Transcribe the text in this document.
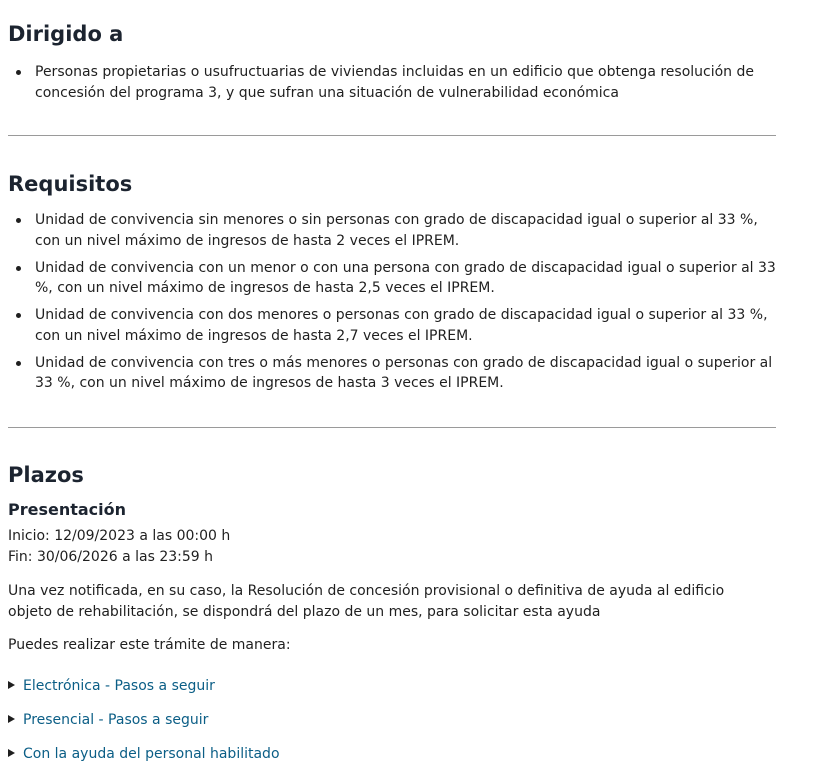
Dirigido a
Personas propietarias o usufructuarias de viviendas incluidas en un edificio que obtenga resolución de concesión del programa 3, y que sufran una situación de vulnerabilidad económica
Requisitos
Unidad de convivencia sin menores o sin personas con grado de discapacidad igual o superior al 33 %, con un nivel máximo de ingresos de hasta 2 veces el IPREM.
Unidad de convivencia con un menor o con una persona con grado de discapacidad igual o superior al 33 %, con un nivel máximo de ingresos de hasta 2,5 veces el IPREM.
Unidad de convivencia con dos menores o personas con grado de discapacidad igual o superior al 33 %, con un nivel máximo de ingresos de hasta 2,7 veces el IPREM.
Unidad de convivencia con tres o más menores o personas con grado de discapacidad igual o superior al 33 %, con un nivel máximo de ingresos de hasta 3 veces el IPREM.
Plazos
Presentación

Inicio: 12/09/2023 a las 00:00 h

Fin: 30/06/2026 a las 23:59 h

Una vez notificada, en su caso, la Resolución de concesión provisional o definitiva de ayuda al edificio objeto de rehabilitación, se dispondrá del plazo de un mes, para solicitar esta ayuda

Puedes realizar este trámite de manera:

Electrónica - Pasos a seguir
Presencial - Pasos a seguir
Con la ayuda del personal habilitado
